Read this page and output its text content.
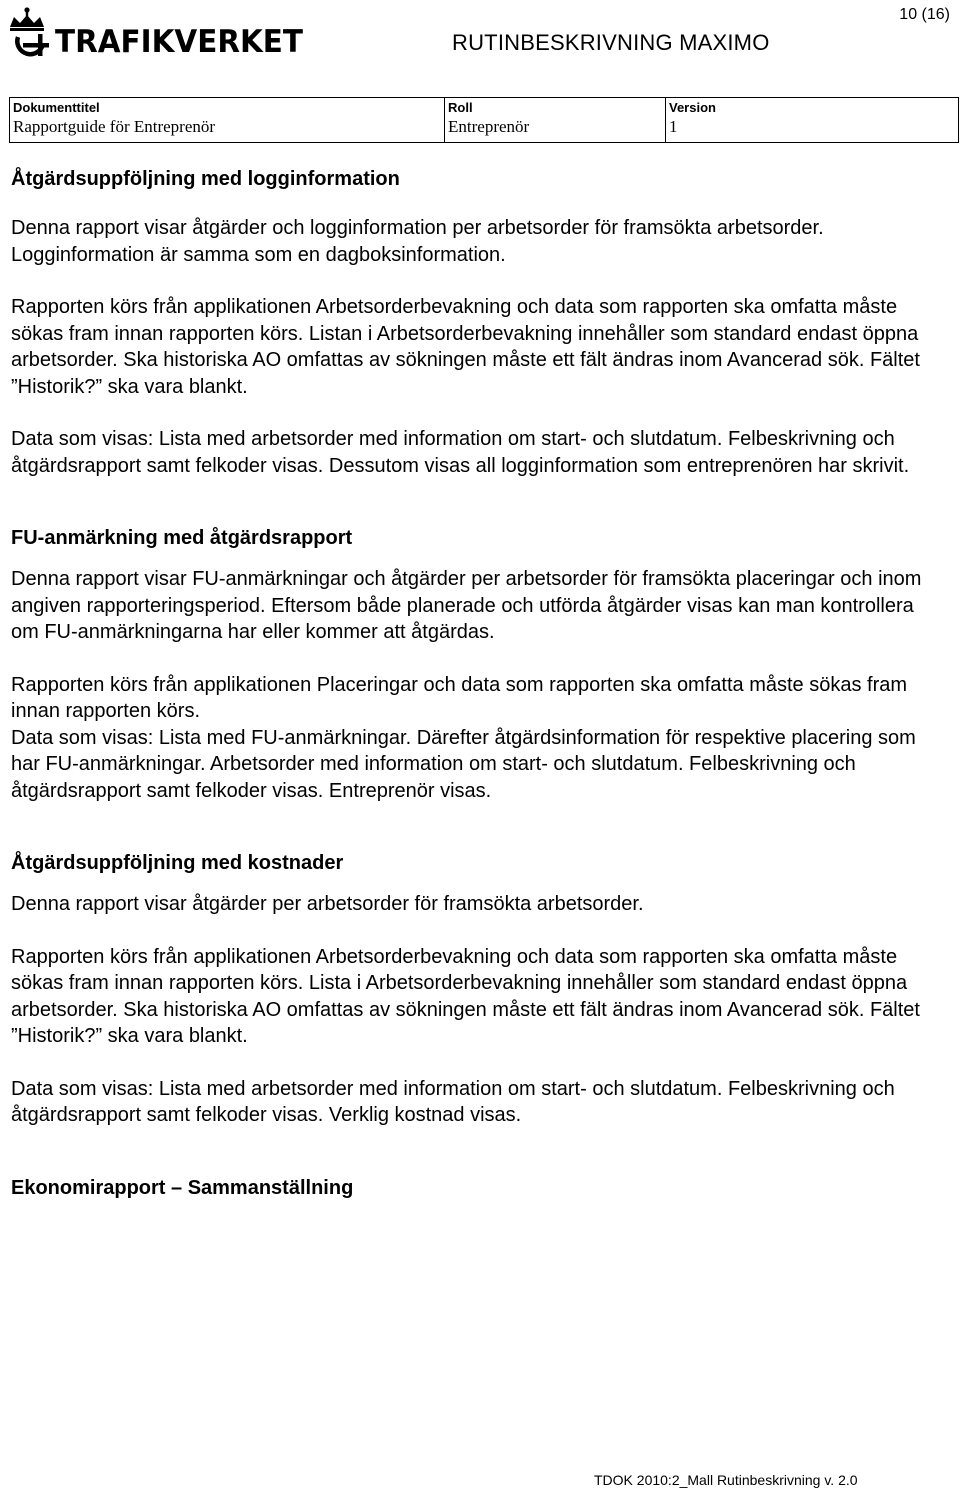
TRAFIKVERKET	RUTINBESKRIVNING MAXIMO
10 (16)
Dokumenttitel
Rapportguide för Entreprenör

Roll
Entreprenör

Version
1
Åtgärdsuppföljning med logginformation

Denna rapport visar åtgärder och logginformation per arbetsorder för framsökta arbetsorder. Logginformation är samma som en dagboksinformation.

Rapporten körs från applikationen Arbetsorderbevakning och data som rapporten ska omfatta måste sökas fram innan rapporten körs. Listan i Arbetsorderbevakning innehåller som standard endast öppna arbetsorder. Ska historiska AO omfattas av sökningen måste ett fält ändras inom Avancerad sök. Fältet ”Historik?” ska vara blankt.

Data som visas: Lista med arbetsorder med information om start- och slutdatum. Felbeskrivning och åtgärdsrapport samt felkoder visas. Dessutom visas all logginformation som entreprenören har skrivit.

FU-anmärkning med åtgärdsrapport

Denna rapport visar FU-anmärkningar och åtgärder per arbetsorder för framsökta placeringar och inom angiven rapporteringsperiod. Eftersom både planerade och utförda åtgärder visas kan man kontrollera om FU-anmärkningarna har eller kommer att åtgärdas.

Rapporten körs från applikationen Placeringar och data som rapporten ska omfatta måste sökas fram innan rapporten körs.

Data som visas: Lista med FU-anmärkningar. Därefter åtgärdsinformation för respektive placering som har FU-anmärkningar. Arbetsorder med information om start- och slutdatum. Felbeskrivning och åtgärdsrapport samt felkoder visas. Entreprenör visas.

Åtgärdsuppföljning med kostnader

Denna rapport visar åtgärder per arbetsorder för framsökta arbetsorder.

Rapporten körs från applikationen Arbetsorderbevakning och data som rapporten ska omfatta måste sökas fram innan rapporten körs. Lista i Arbetsorderbevakning innehåller som standard endast öppna arbetsorder. Ska historiska AO omfattas av sökningen måste ett fält ändras inom Avancerad sök. Fältet ”Historik?” ska vara blankt.

Data som visas: Lista med arbetsorder med information om start- och slutdatum. Felbeskrivning och åtgärdsrapport samt felkoder visas. Verklig kostnad visas.

Ekonomirapport – Sammanställning
TDOK 2010:2_Mall Rutinbeskrivning v. 2.0
